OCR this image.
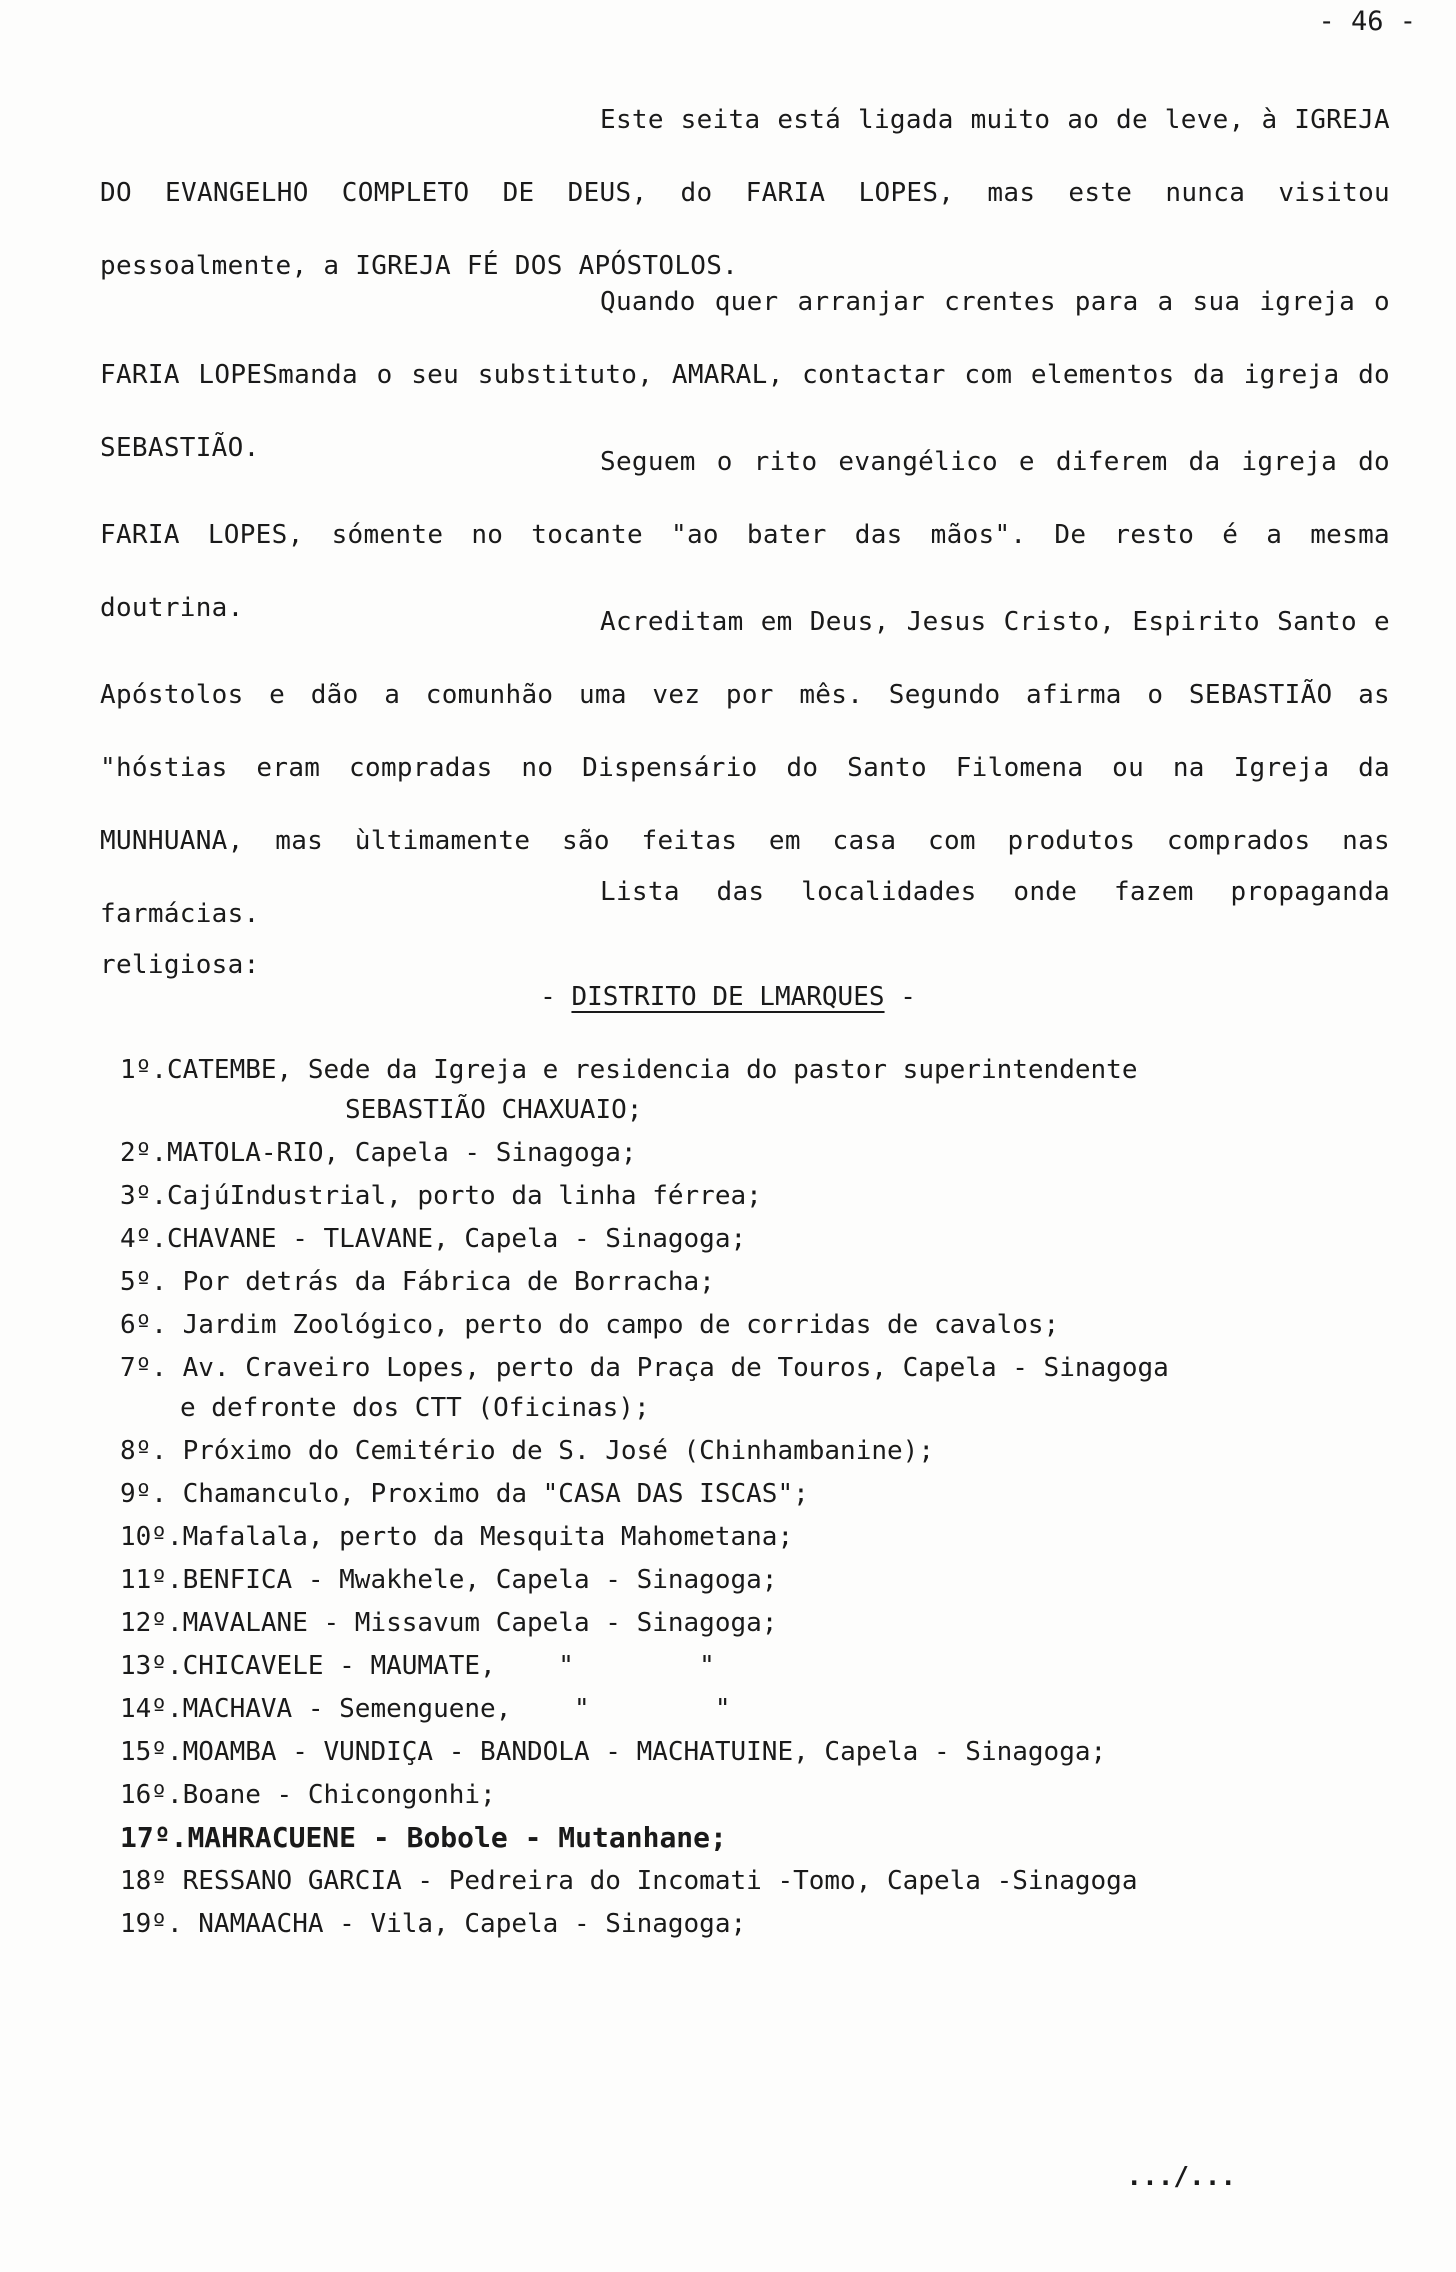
- 46 -

Este seita está ligada muito ao de leve, à IGREJA DO EVANGELHO COMPLETO DE DEUS, do FARIA LOPES, mas este nunca visitou pessoalmente, a IGREJA FÉ DOS APÓSTOLOS.

Quando quer arranjar crentes para a sua igreja o FARIA LOPESmanda o seu substituto, AMARAL, contactar com elementos da igreja do SEBASTIÃO.	Seguem o rito evangélico e diferem da igreja do FARIA LOPES, sómente no tocante "ao bater das mãos". De resto é a mesma doutrina.	Acreditam em Deus, Jesus Cristo, Espirito Santo e Apóstolos e dão a comunhão uma vez por mês. Segundo afirma o SEBASTIÃO as "hóstias eram compradas no Dispensário do Santo Filomena ou na Igreja da MUNHUANA, mas ùltimamente são feitas em casa com produtos comprados nas farmácias.

Lista das localidades onde fazem propaganda religiosa:

- DISTRITO DE LMARQUES -
1º.CATEMBE, Sede da Igreja e residencia do pastor superintendente
SEBASTIÃO CHAXUAIO;
2º.MATOLA-RIO, Capela - Sinagoga;
3º.CajúIndustrial, porto da linha férrea;
4º.CHAVANE - TLAVANE, Capela - Sinagoga;
5º. Por detrás da Fábrica de Borracha;
6º. Jardim Zoológico, perto do campo de corridas de cavalos;
7º. Av. Craveiro Lopes, perto da Praça de Touros, Capela - Sinagoga
e defronte dos CTT (Oficinas);
8º. Próximo do Cemitério de S. José (Chinhambanine);
9º. Chamanculo, Proximo da "CASA DAS ISCAS";
10º.Mafalala, perto da Mesquita Mahometana;
11º.BENFICA - Mwakhele, Capela - Sinagoga;
12º.MAVALANE - Missavum Capela - Sinagoga;
13º.CHICAVELE - MAUMATE,    "        "
14º.MACHAVA - Semenguene,    "        "
15º.MOAMBA - VUNDIÇA - BANDOLA - MACHATUINE, Capela - Sinagoga;
16º.Boane - Chicongonhi;
17º.MAHRACUENE - Bobole - Mutanhane;
18º RESSANO GARCIA - Pedreira do Incomati -Tomo, Capela -Sinagoga
19º. NAMAACHA - Vila, Capela - Sinagoga;
.../...
